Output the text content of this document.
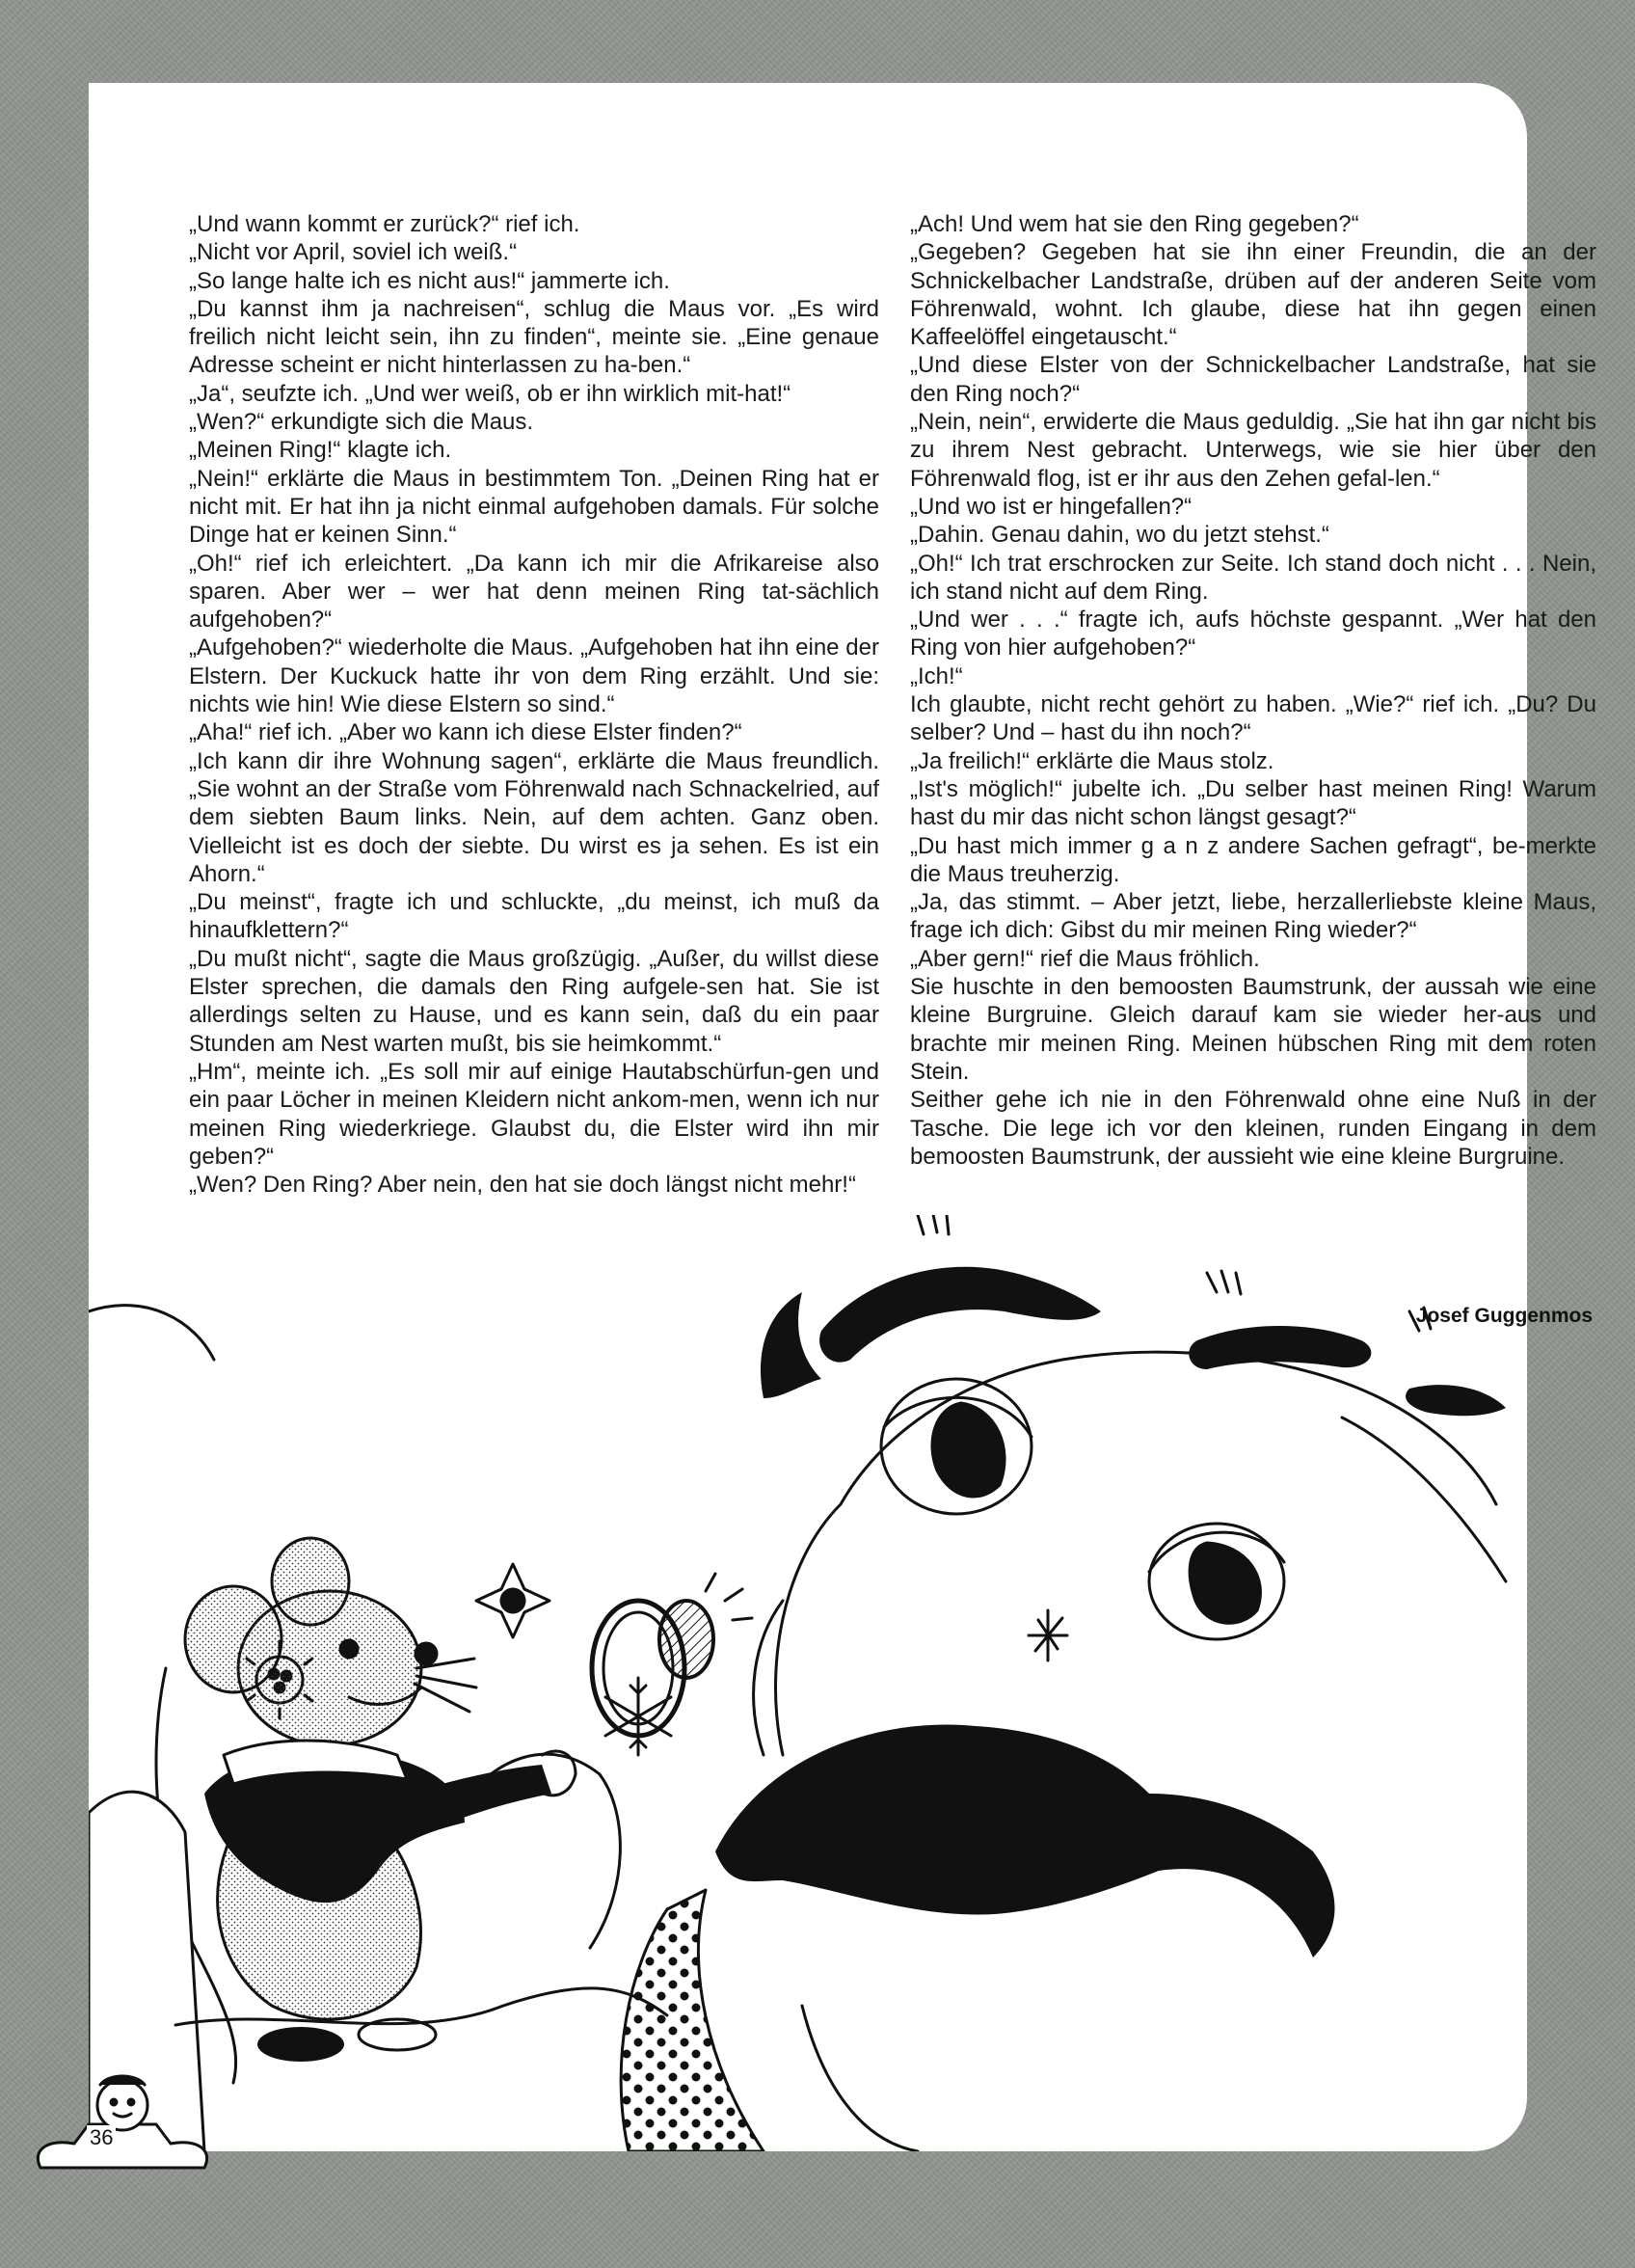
„Und wann kommt er zurück?“ rief ich.

„Nicht vor April, soviel ich weiß.“

„So lange halte ich es nicht aus!“ jammerte ich.

„Du kannst ihm ja nachreisen“, schlug die Maus vor. „Es wird freilich nicht leicht sein, ihn zu finden“, meinte sie. „Eine genaue Adresse scheint er nicht hinterlassen zu ha-ben.“

„Ja“, seufzte ich. „Und wer weiß, ob er ihn wirklich mit-hat!“

„Wen?“ erkundigte sich die Maus.

„Meinen Ring!“ klagte ich.

„Nein!“ erklärte die Maus in bestimmtem Ton. „Deinen Ring hat er nicht mit. Er hat ihn ja nicht einmal aufgehoben damals. Für solche Dinge hat er keinen Sinn.“

„Oh!“ rief ich erleichtert. „Da kann ich mir die Afrikareise also sparen. Aber wer – wer hat denn meinen Ring tat-sächlich aufgehoben?“

„Aufgehoben?“ wiederholte die Maus. „Aufgehoben hat ihn eine der Elstern. Der Kuckuck hatte ihr von dem Ring erzählt. Und sie: nichts wie hin! Wie diese Elstern so sind.“

„Aha!“ rief ich. „Aber wo kann ich diese Elster finden?“

„Ich kann dir ihre Wohnung sagen“, erklärte die Maus freundlich. „Sie wohnt an der Straße vom Föhrenwald nach Schnackelried, auf dem siebten Baum links. Nein, auf dem achten. Ganz oben. Vielleicht ist es doch der siebte. Du wirst es ja sehen. Es ist ein Ahorn.“

„Du meinst“, fragte ich und schluckte, „du meinst, ich muß da hinaufklettern?“

„Du mußt nicht“, sagte die Maus großzügig. „Außer, du willst diese Elster sprechen, die damals den Ring aufgele-sen hat. Sie ist allerdings selten zu Hause, und es kann sein, daß du ein paar Stunden am Nest warten mußt, bis sie heimkommt.“

„Hm“, meinte ich. „Es soll mir auf einige Hautabschürfun-gen und ein paar Löcher in meinen Kleidern nicht ankom-men, wenn ich nur meinen Ring wiederkriege. Glaubst du, die Elster wird ihn mir geben?“

„Wen? Den Ring? Aber nein, den hat sie doch längst nicht mehr!“

„Ach! Und wem hat sie den Ring gegeben?“

„Gegeben? Gegeben hat sie ihn einer Freundin, die an der Schnickelbacher Landstraße, drüben auf der anderen Seite vom Föhrenwald, wohnt. Ich glaube, diese hat ihn gegen einen Kaffeelöffel eingetauscht.“

„Und diese Elster von der Schnickelbacher Landstraße, hat sie den Ring noch?“

„Nein, nein“, erwiderte die Maus geduldig. „Sie hat ihn gar nicht bis zu ihrem Nest gebracht. Unterwegs, wie sie hier über den Föhrenwald flog, ist er ihr aus den Zehen gefal-len.“

„Und wo ist er hingefallen?“

„Dahin. Genau dahin, wo du jetzt stehst.“

„Oh!“ Ich trat erschrocken zur Seite. Ich stand doch nicht . . . Nein, ich stand nicht auf dem Ring.

„Und wer . . .“ fragte ich, aufs höchste gespannt. „Wer hat den Ring von hier aufgehoben?“

„Ich!“

Ich glaubte, nicht recht gehört zu haben. „Wie?“ rief ich. „Du? Du selber? Und – hast du ihn noch?“

„Ja freilich!“ erklärte die Maus stolz.

„Ist's möglich!“ jubelte ich. „Du selber hast meinen Ring! Warum hast du mir das nicht schon längst gesagt?“

„Du hast mich immer g a n z andere Sachen gefragt“, be-merkte die Maus treuherzig.

„Ja, das stimmt. – Aber jetzt, liebe, herzallerliebste kleine Maus, frage ich dich: Gibst du mir meinen Ring wieder?“

„Aber gern!“ rief die Maus fröhlich.

Sie huschte in den bemoosten Baumstrunk, der aussah wie eine kleine Burgruine. Gleich darauf kam sie wieder her-aus und brachte mir meinen Ring. Meinen hübschen Ring mit dem roten Stein.

Seither gehe ich nie in den Föhrenwald ohne eine Nuß in der Tasche. Die lege ich vor den kleinen, runden Eingang in dem bemoosten Baumstrunk, der aussieht wie eine kleine Burgruine.

Josef Guggenmos
36
